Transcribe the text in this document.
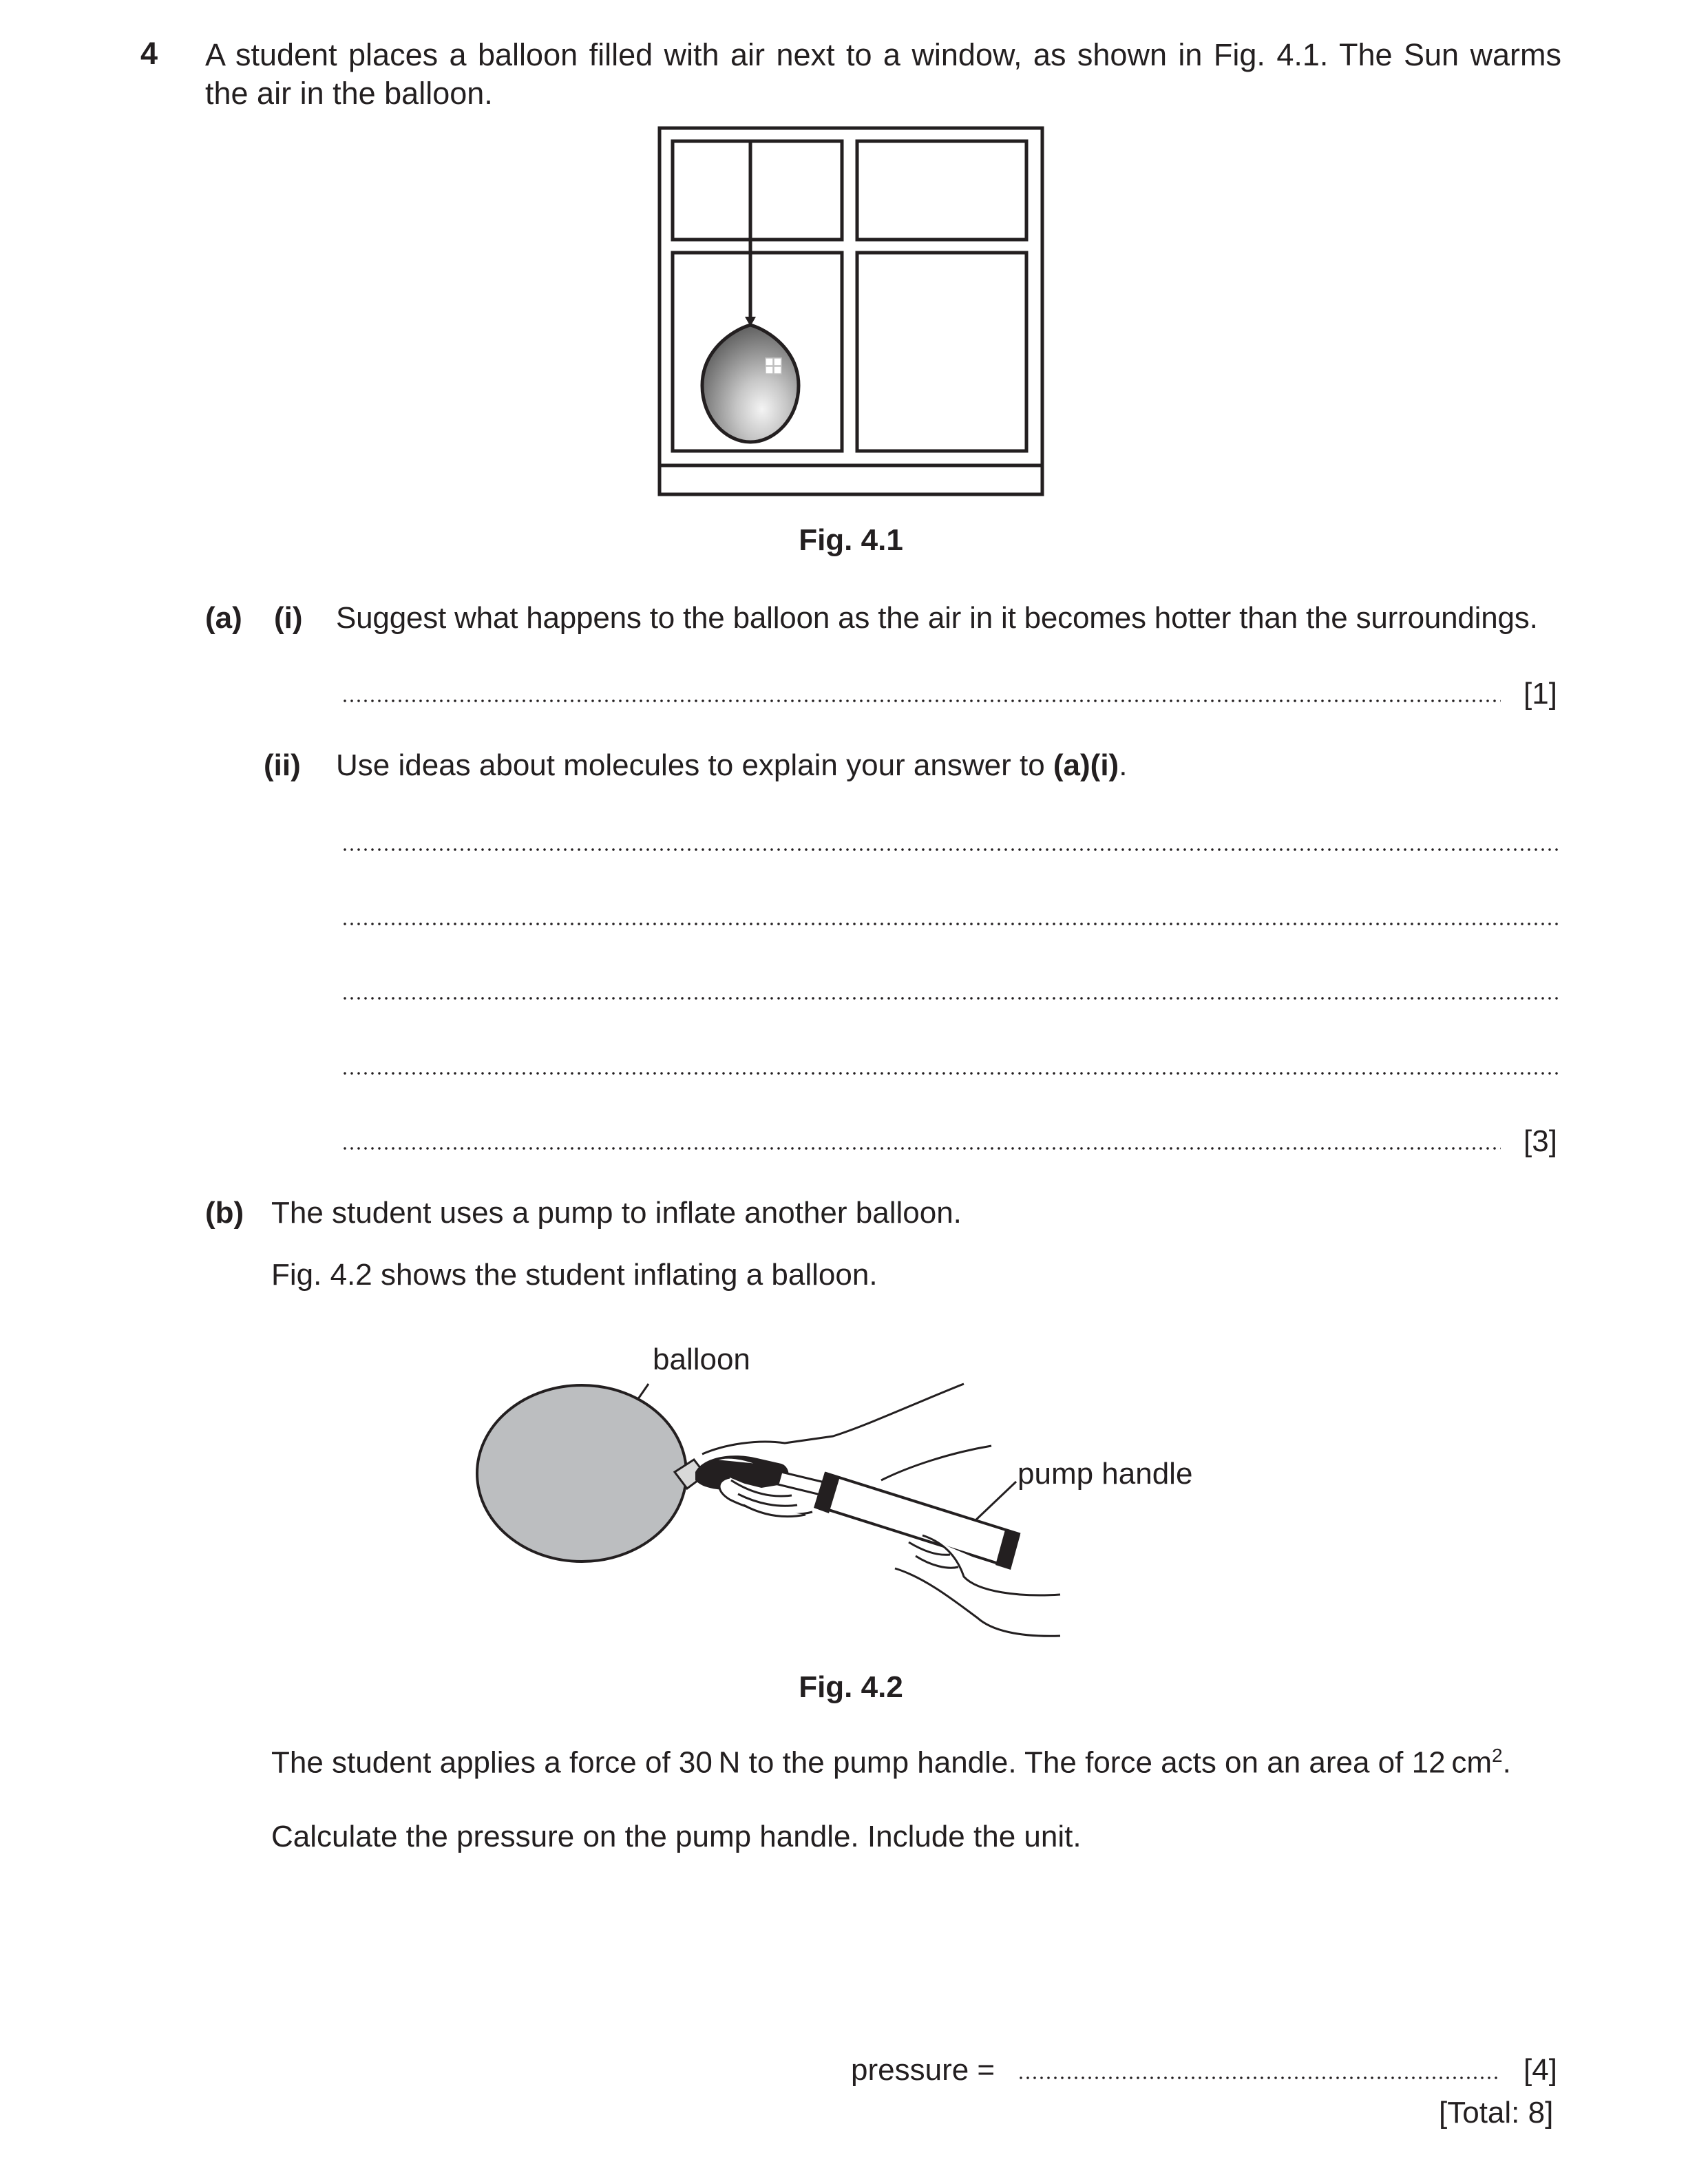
4 A student places a balloon filled with air next to a window, as shown in Fig. 4.1. The Sun warms the air in the balloon.
Fig. 4.1
(a) (i) Suggest what happens to the balloon as the air in it becomes hotter than the surroundings.
[1]
(ii) Use ideas about molecules to explain your answer to (a)(i).
[3]
(b) The student uses a pump to inflate another balloon.
Fig. 4.2 shows the student inflating a balloon.
balloon
pump handle
Fig. 4.2
The student applies a force of 30 N to the pump handle. The force acts on an area of 12 $cm^2$.
Calculate the pressure on the pump handle. Include the unit.
pressure =	[4]
[Total: 8]
